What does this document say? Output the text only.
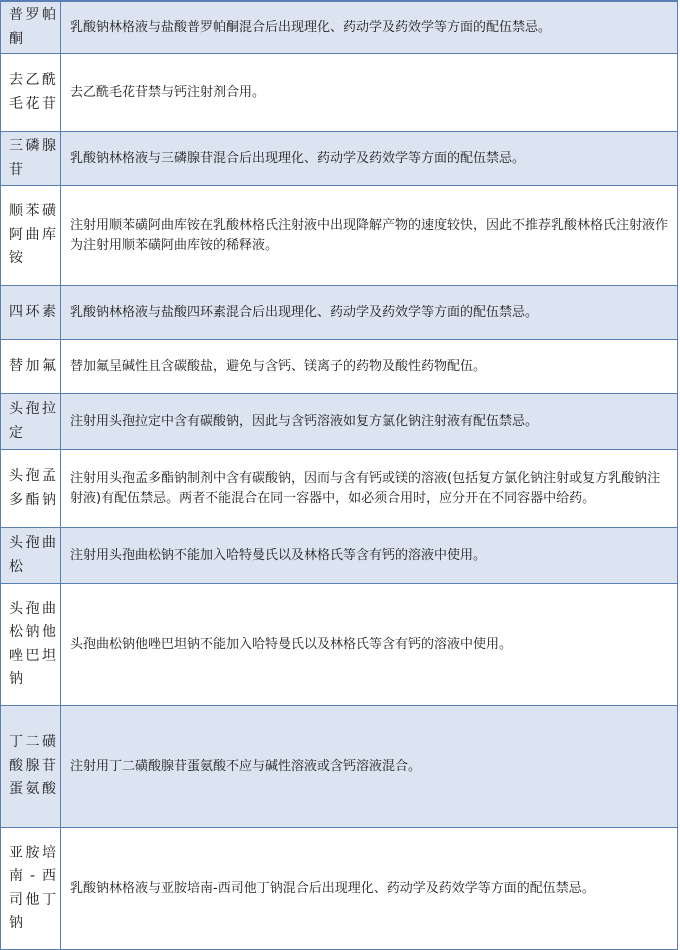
普罗帕酮	乳酸钠林格液与盐酸普罗帕酮混合后出现理化、药动学及药效学等方面的配伍禁忌。
去乙酰毛花苷	去乙酰毛花苷禁与钙注射剂合用。
三磷腺苷	乳酸钠林格液与三磷腺苷混合后出现理化、药动学及药效学等方面的配伍禁忌。
顺苯磺阿曲库铵	注射用顺苯磺阿曲库铵在乳酸林格氏注射液中出现降解产物的速度较快，因此不推荐乳酸林格氏注射液作为注射用顺苯磺阿曲库铵的稀释液。
四环素	乳酸钠林格液与盐酸四环素混合后出现理化、药动学及药效学等方面的配伍禁忌。
替加氟	替加氟呈碱性且含碳酸盐，避免与含钙、镁离子的药物及酸性药物配伍。
头孢拉定	注射用头孢拉定中含有碳酸钠，因此与含钙溶液如复方氯化钠注射液有配伍禁忌。
头孢孟多酯钠	注射用头孢孟多酯钠制剂中含有碳酸钠，因而与含有钙或镁的溶液(包括复方氯化钠注射或复方乳酸钠注射液)有配伍禁忌。两者不能混合在同一容器中，如必须合用时，应分开在不同容器中给药。
头孢曲松	注射用头孢曲松钠不能加入哈特曼氏以及林格氏等含有钙的溶液中使用。
头孢曲松钠他唑巴坦钠	头孢曲松钠他唑巴坦钠不能加入哈特曼氏以及林格氏等含有钙的溶液中使用。
丁二磺酸腺苷蛋氨酸	注射用丁二磺酸腺苷蛋氨酸不应与碱性溶液或含钙溶液混合。
亚胺培南-西司他丁钠	乳酸钠林格液与亚胺培南-西司他丁钠混合后出现理化、药动学及药效学等方面的配伍禁忌。
